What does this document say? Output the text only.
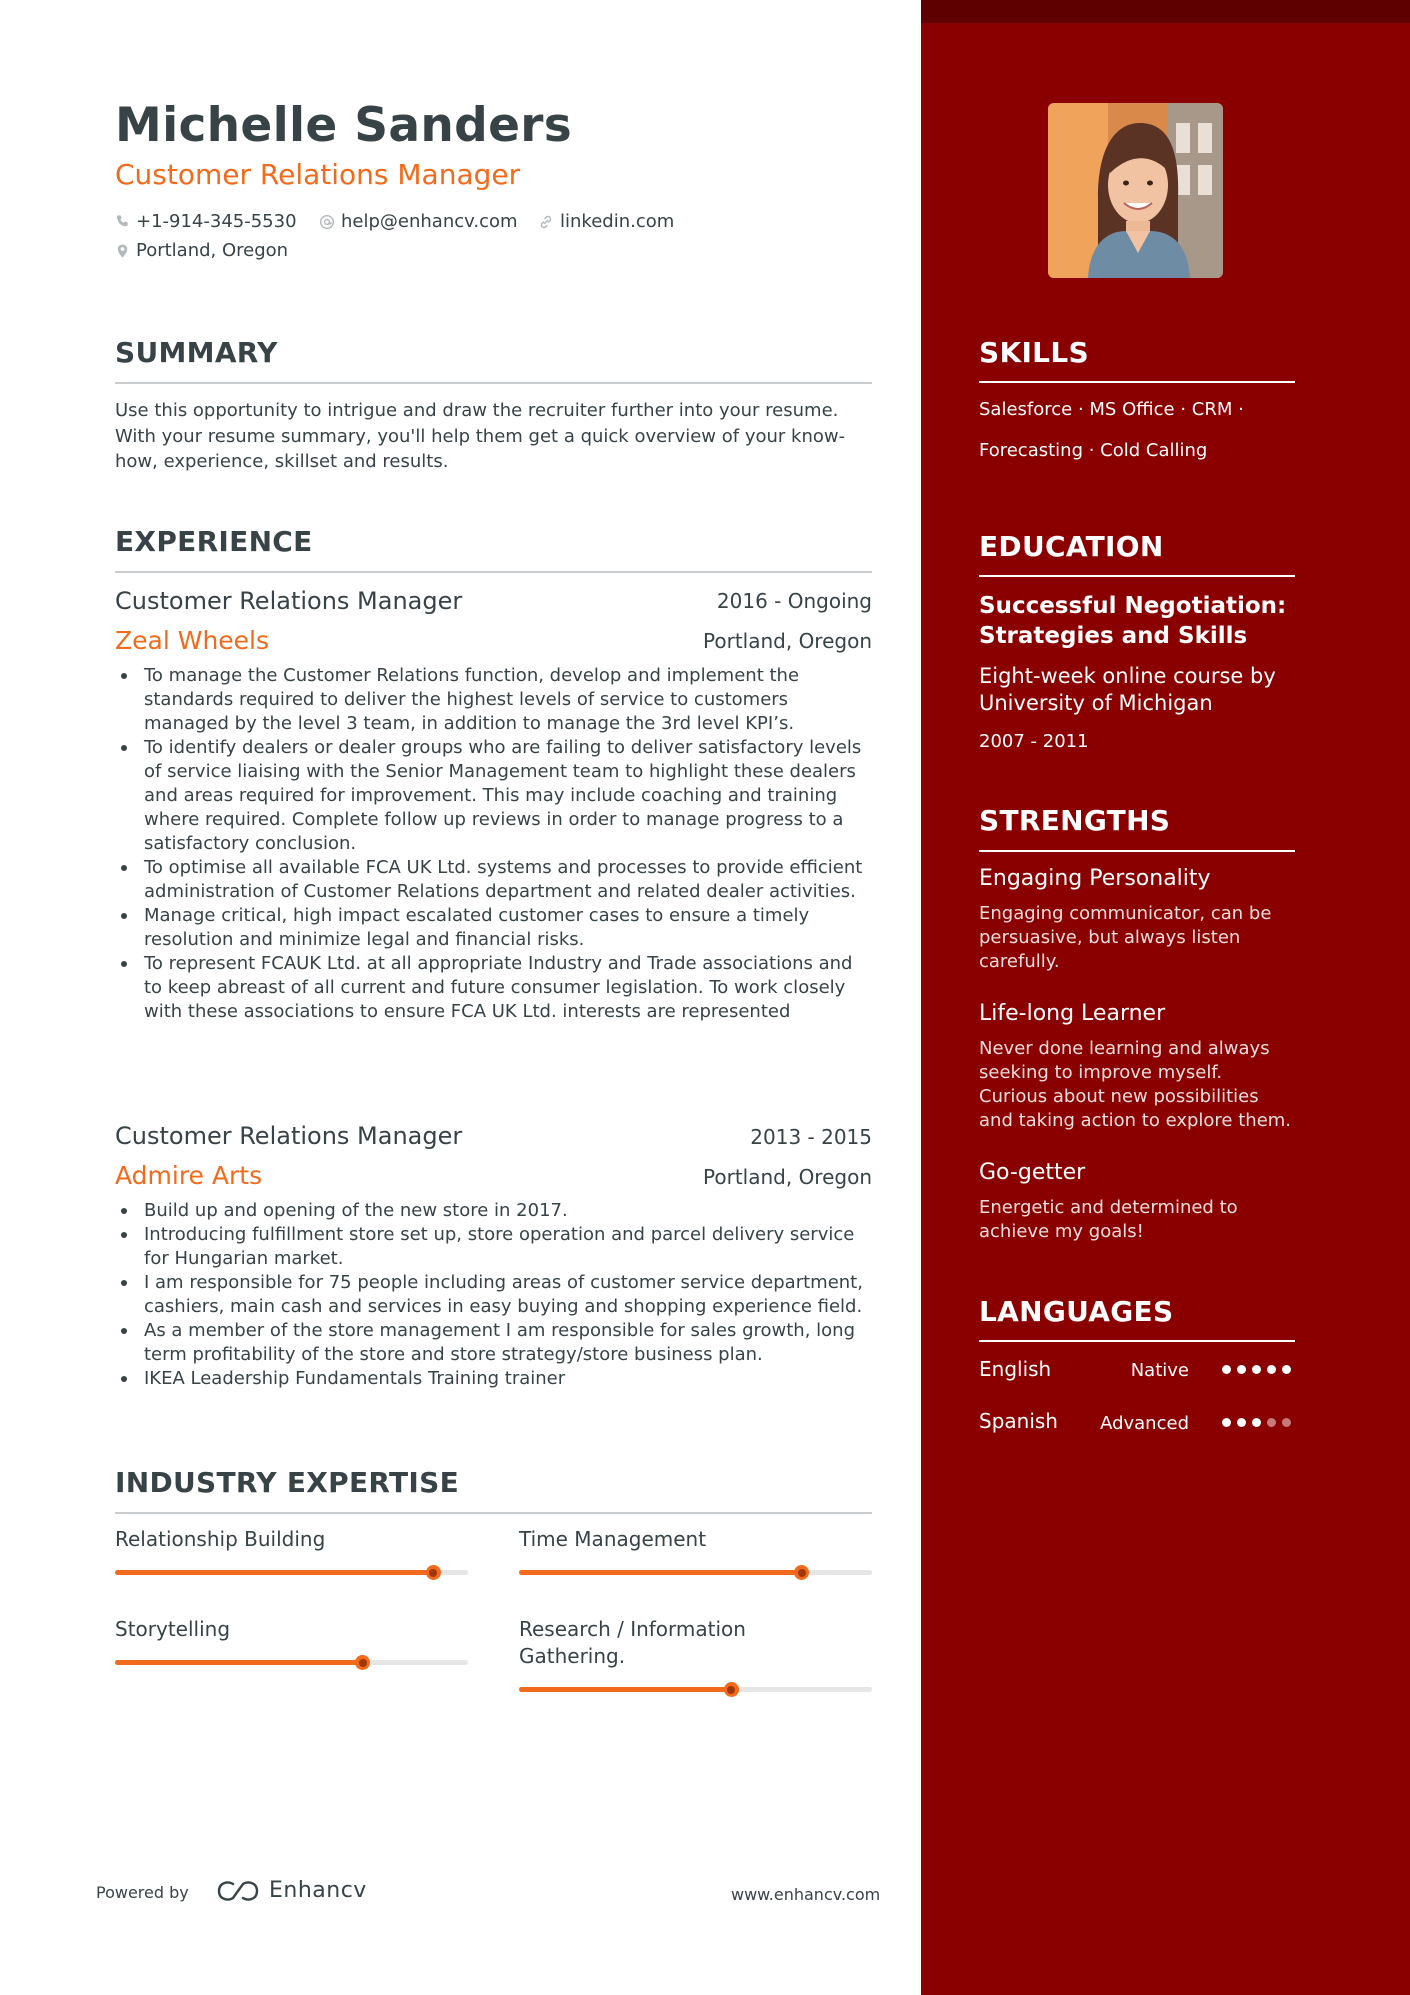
Michelle Sanders
Customer Relations Manager
+1-914-345-5530 help@enhancv.com linkedin.com
Portland, Oregon
SUMMARY

Use this opportunity to intrigue and draw the recruiter further into your resume. With your resume summary, you'll help them get a quick overview of your know-how, experience, skillset and results.

EXPERIENCE
Customer Relations Manager	2016 - Ongoing
Zeal Wheels	Portland, Oregon
To manage the Customer Relations function, develop and implement the standards required to deliver the highest levels of service to customers managed by the level 3 team, in addition to manage the 3rd level KPI’s.
To identify dealers or dealer groups who are failing to deliver satisfactory levels of service liaising with the Senior Management team to highlight these dealers and areas required for improvement. This may include coaching and training where required. Complete follow up reviews in order to manage progress to a satisfactory conclusion.
To optimise all available FCA UK Ltd. systems and processes to provide efficient administration of Customer Relations department and related dealer activities.
Manage critical, high impact escalated customer cases to ensure a timely resolution and minimize legal and financial risks.
To represent FCAUK Ltd. at all appropriate Industry and Trade associations and to keep abreast of all current and future consumer legislation. To work closely with these associations to ensure FCA UK Ltd. interests are represented
Customer Relations Manager	2013 - 2015
Admire Arts	Portland, Oregon
Build up and opening of the new store in 2017.
Introducing fulfillment store set up, store operation and parcel delivery service for Hungarian market.
I am responsible for 75 people including areas of customer service department, cashiers, main cash and services in easy buying and shopping experience field.
As a member of the store management I am responsible for sales growth, long term profitability of the store and store strategy/store business plan.
IKEA Leadership Fundamentals Training trainer
INDUSTRY EXPERTISE
Relationship Building	Time Management
Storytelling	Research / Information Gathering.
Powered by	Enhancv	www.enhancv.com
SKILLS
Salesforce · MS Office · CRM ·
Forecasting · Cold Calling
EDUCATION
Successful Negotiation: Strategies and Skills
Eight-week online course by University of Michigan
2007 - 2011
STRENGTHS
Engaging Personality
Engaging communicator, can be persuasive, but always listen carefully.
Life-long Learner
Never done learning and always seeking to improve myself. Curious about new possibilities and taking action to explore them.
Go-getter
Energetic and determined to achieve my goals!
LANGUAGES
English	Native
Spanish Advanced
